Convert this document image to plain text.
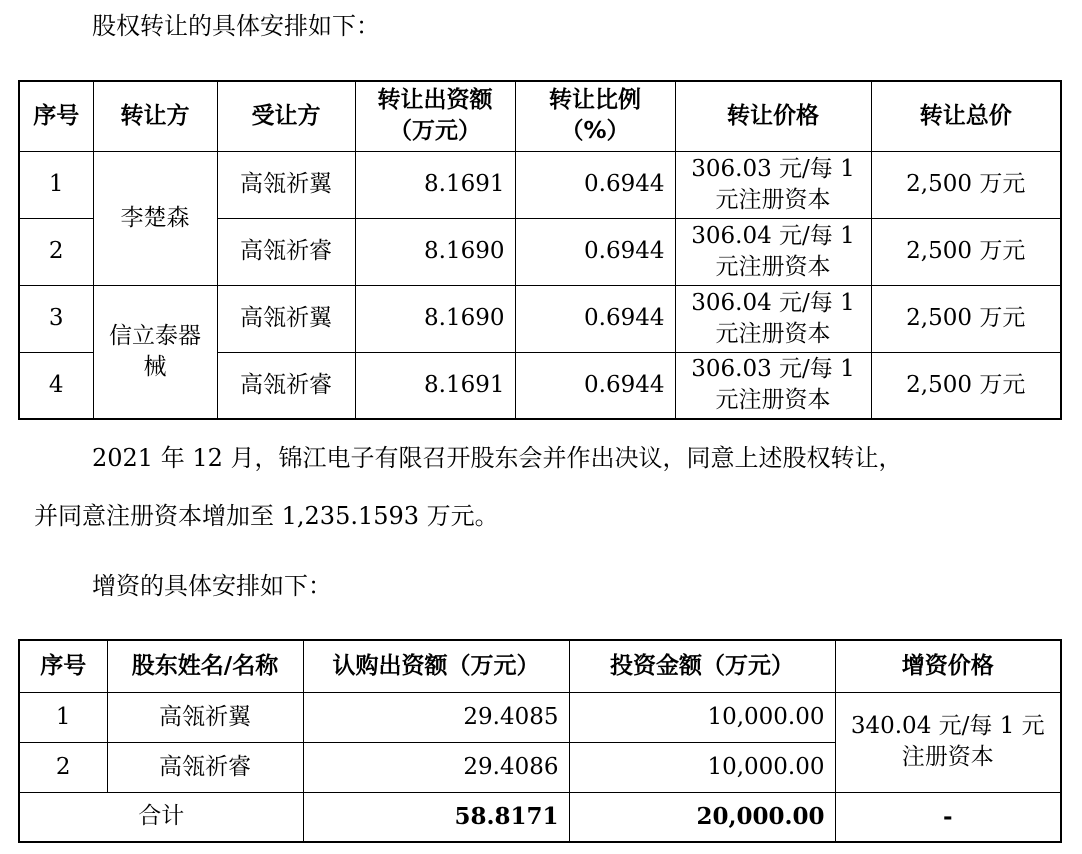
股权转让的具体安排如下：
序号	转让方	受让方	转让出资额（万元）	转让比例（%）	转让价格	转让总价
1	李楚森	高瓴祈翼	8.1691	0.6944	306.03 元/每 1 元注册资本	2,500 万元
2		高瓴祈睿	8.1690	0.6944	306.04 元/每 1 元注册资本	2,500 万元
3	信立泰器械	高瓴祈翼	8.1690	0.6944	306.04 元/每 1 元注册资本	2,500 万元
4		高瓴祈睿	8.1691	0.6944	306.03 元/每 1 元注册资本	2,500 万元
2021 年 12 月，锦江电子有限召开股东会并作出决议，同意上述股权转让，
并同意注册资本增加至 1,235.1593 万元。
增资的具体安排如下：
序号	股东姓名/名称	认购出资额（万元）	投资金额（万元）	增资价格
1	高瓴祈翼	29.4085	10,000.00	340.04 元/每 1 元注册资本
2	高瓴祈睿	29.4086	10,000.00	
合计		58.8171	20,000.00	-
